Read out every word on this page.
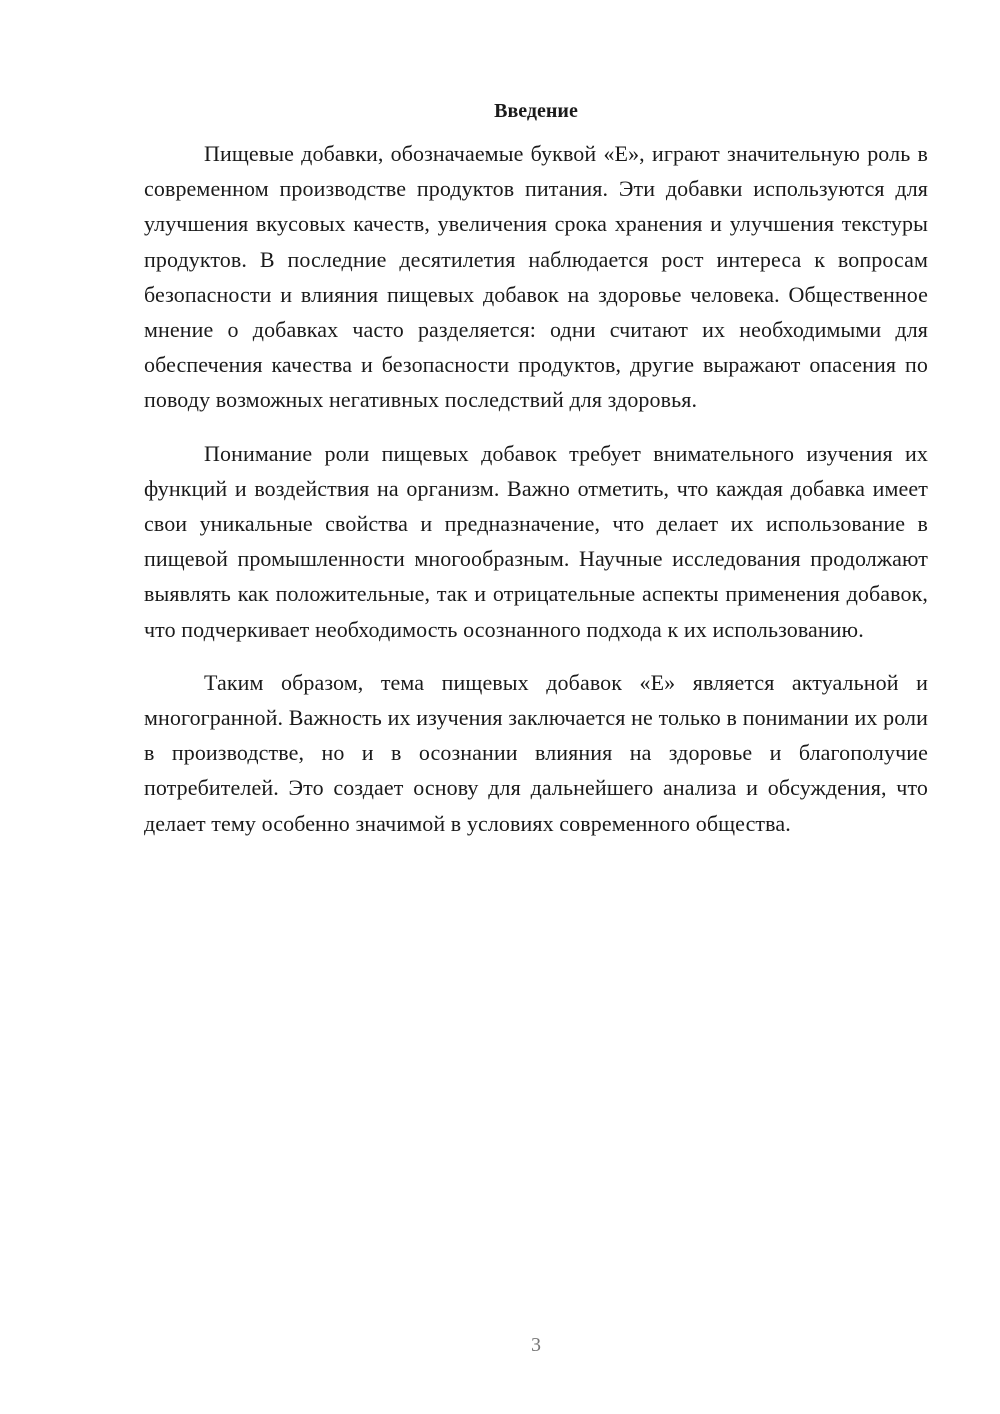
Введение

Пищевые добавки, обозначаемые буквой «Е», играют значительную роль в современном производстве продуктов питания. Эти добавки используются для улучшения вкусовых качеств, увеличения срока хранения и улучшения текстуры продуктов. В последние десятилетия наблюдается рост интереса к вопросам безопасности и влияния пищевых добавок на здоровье человека. Общественное мнение о добавках часто разделяется: одни считают их необходимыми для обеспечения качества и безопасности продуктов, другие выражают опасения по поводу возможных негативных последствий для здоровья.

Понимание роли пищевых добавок требует внимательного изучения их функций и воздействия на организм. Важно отметить, что каждая добавка имеет свои уникальные свойства и предназначение, что делает их использование в пищевой промышленности многообразным. Научные исследования продолжают выявлять как положительные, так и отрицательные аспекты применения добавок, что подчеркивает необходимость осознанного подхода к их использованию.

Таким образом, тема пищевых добавок «Е» является актуальной и многогранной. Важность их изучения заключается не только в понимании их роли в производстве, но и в осознании влияния на здоровье и благополучие потребителей. Это создает основу для дальнейшего анализа и обсуждения, что делает тему особенно значимой в условиях современного общества.

3
